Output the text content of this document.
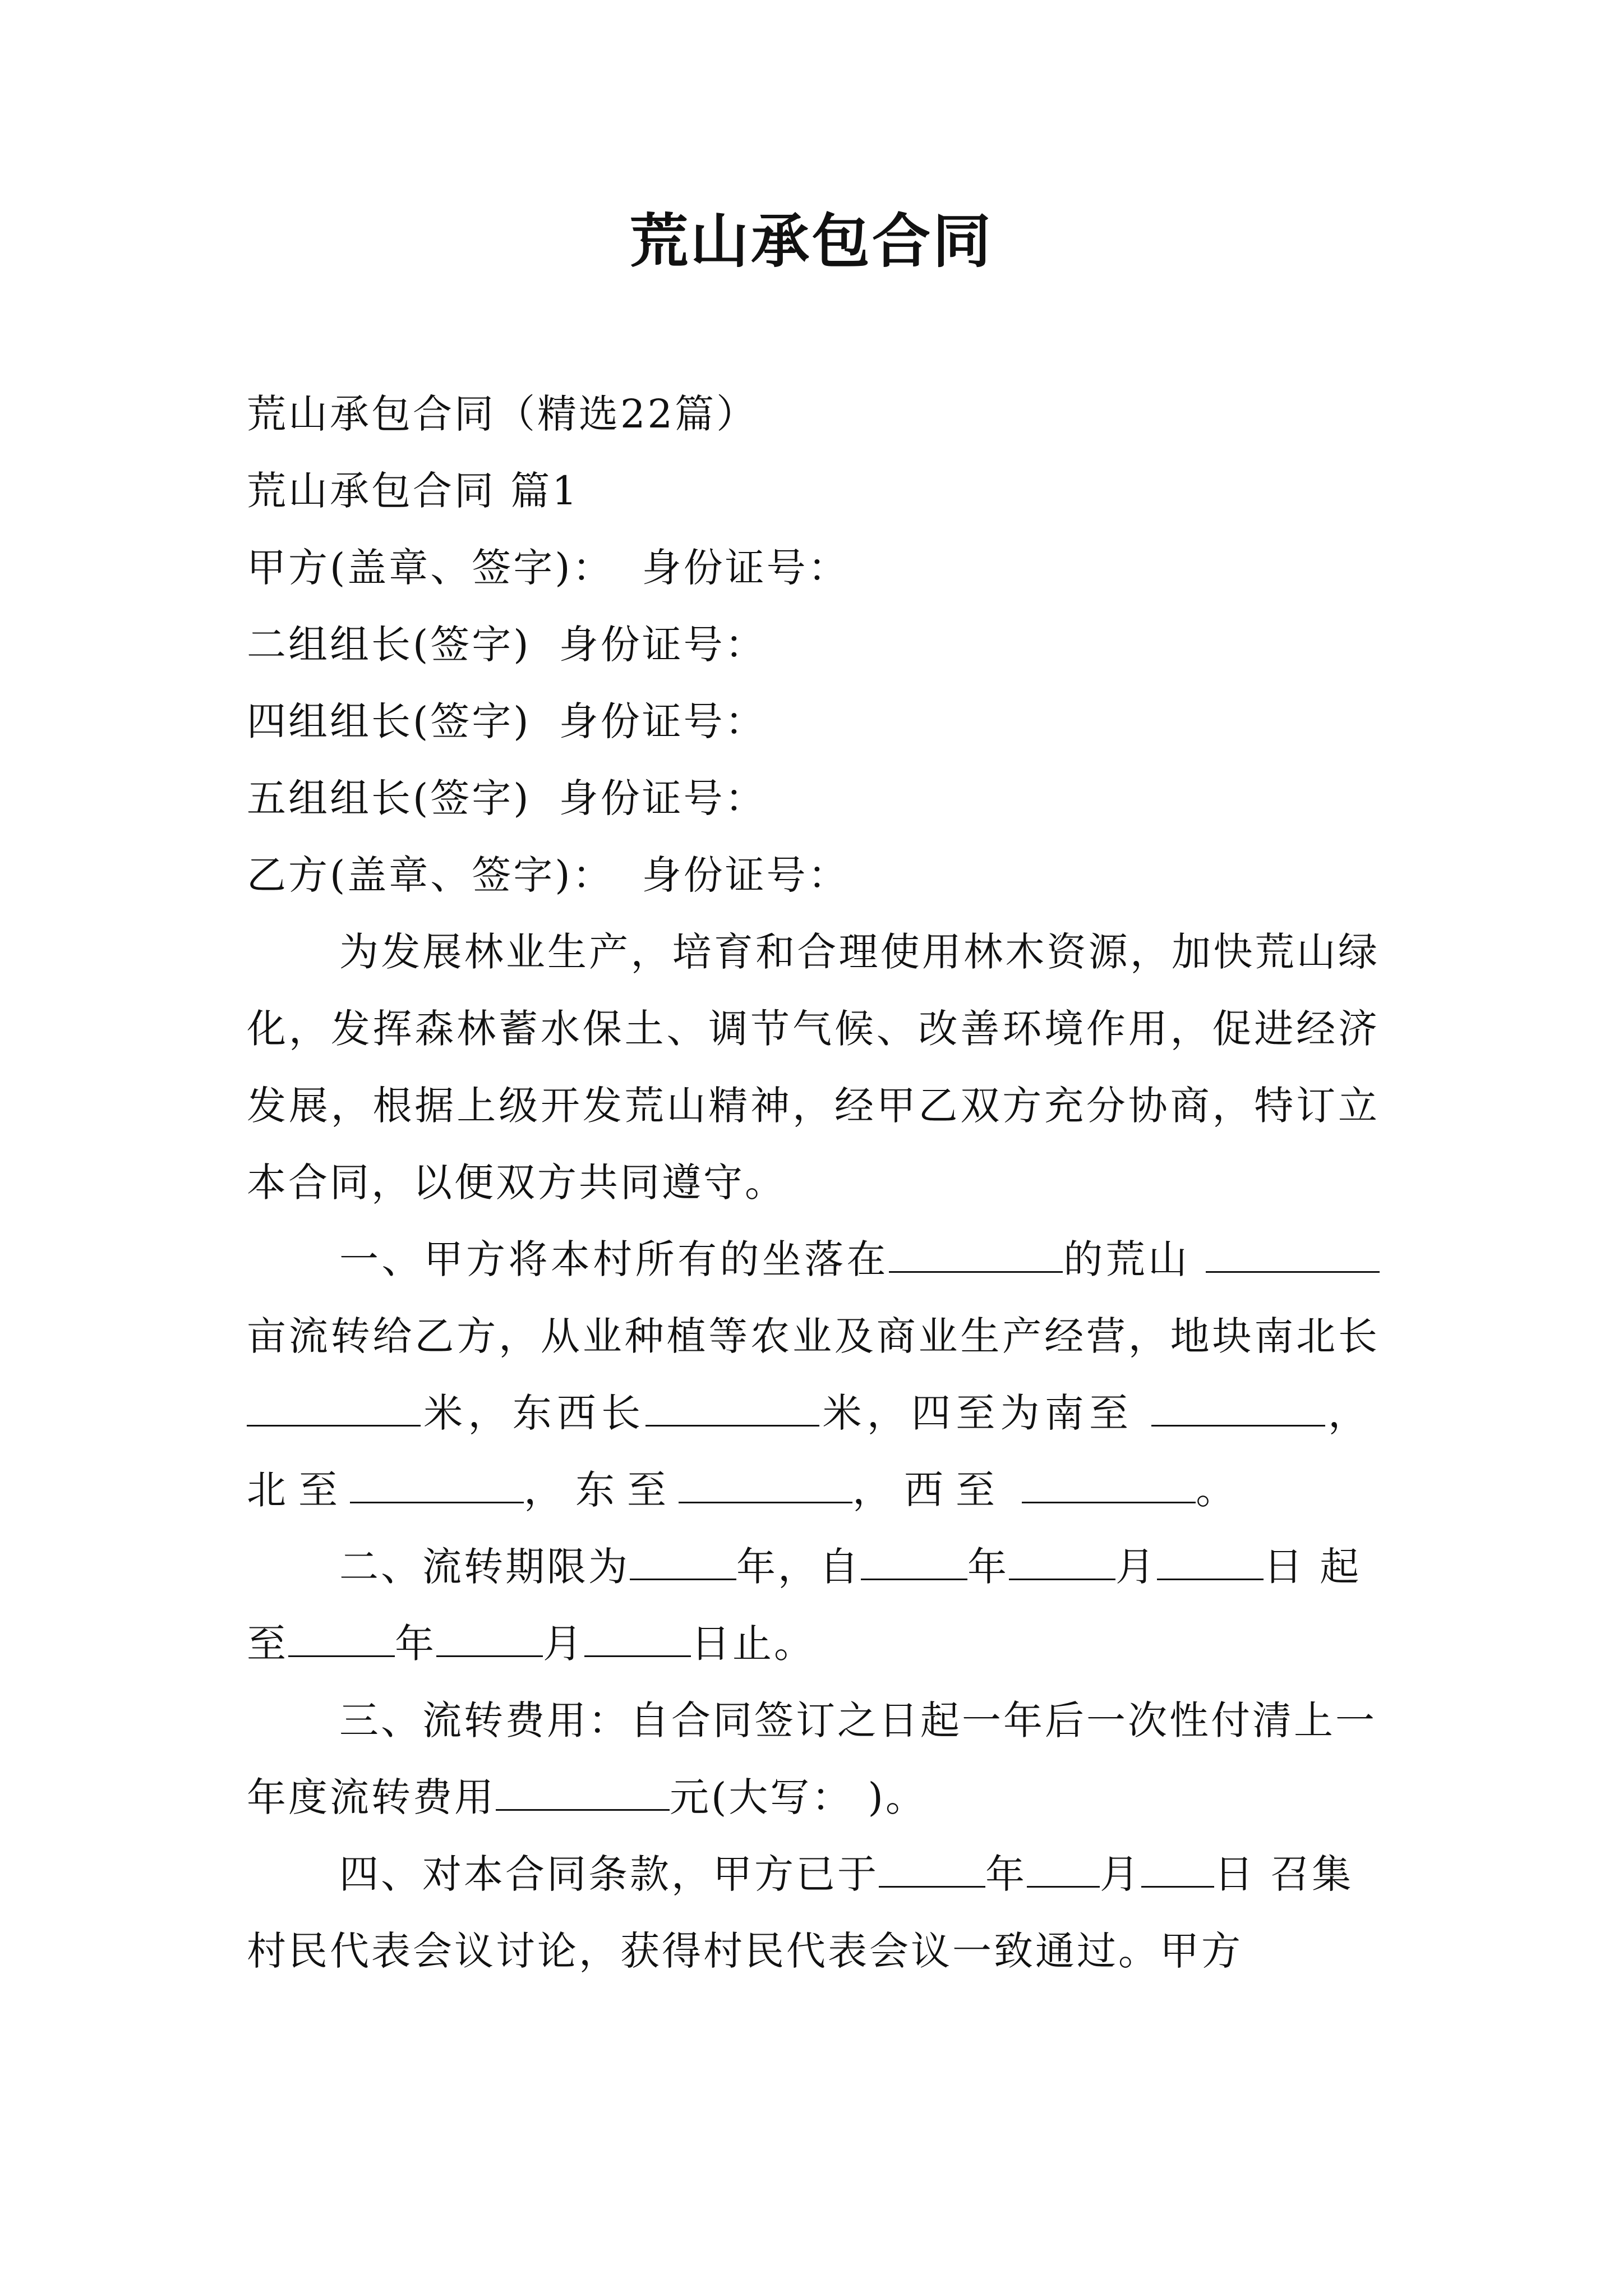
荒山承包合同

荒山承包合同（精选22篇）

荒山承包合同 篇1

甲方(盖章、签字)： 身份证号：

二组组长(签字) 身份证号：

四组组长(签字) 身份证号：

五组组长(签字) 身份证号：

乙方(盖章、签字)： 身份证号：

为发展林业生产，培育和合理使用林木资源，加快荒山绿化，发挥森林蓄水保土、调节气候、改善环境作用，促进经济发展，根据上级开发荒山精神，经甲乙双方充分协商，特订立本合同，以便双方共同遵守。

一、甲方将本村所有的坐落在	的荒山 亩流转给乙方，从业种植等农业及商业生产经营，地块南北长米，东西长	米，四至为南至	，北至	，东至	，西至	。

二、流转期限为	年，自	年	月	日 起至	年	月	日止。

三、流转费用：自合同签订之日起一年后一次性付清上一年度流转费用	元(大写： )。

四、对本合同条款，甲方已于	年 月 日 召集村民代表会议讨论，获得村民代表会议一致通过。甲方
